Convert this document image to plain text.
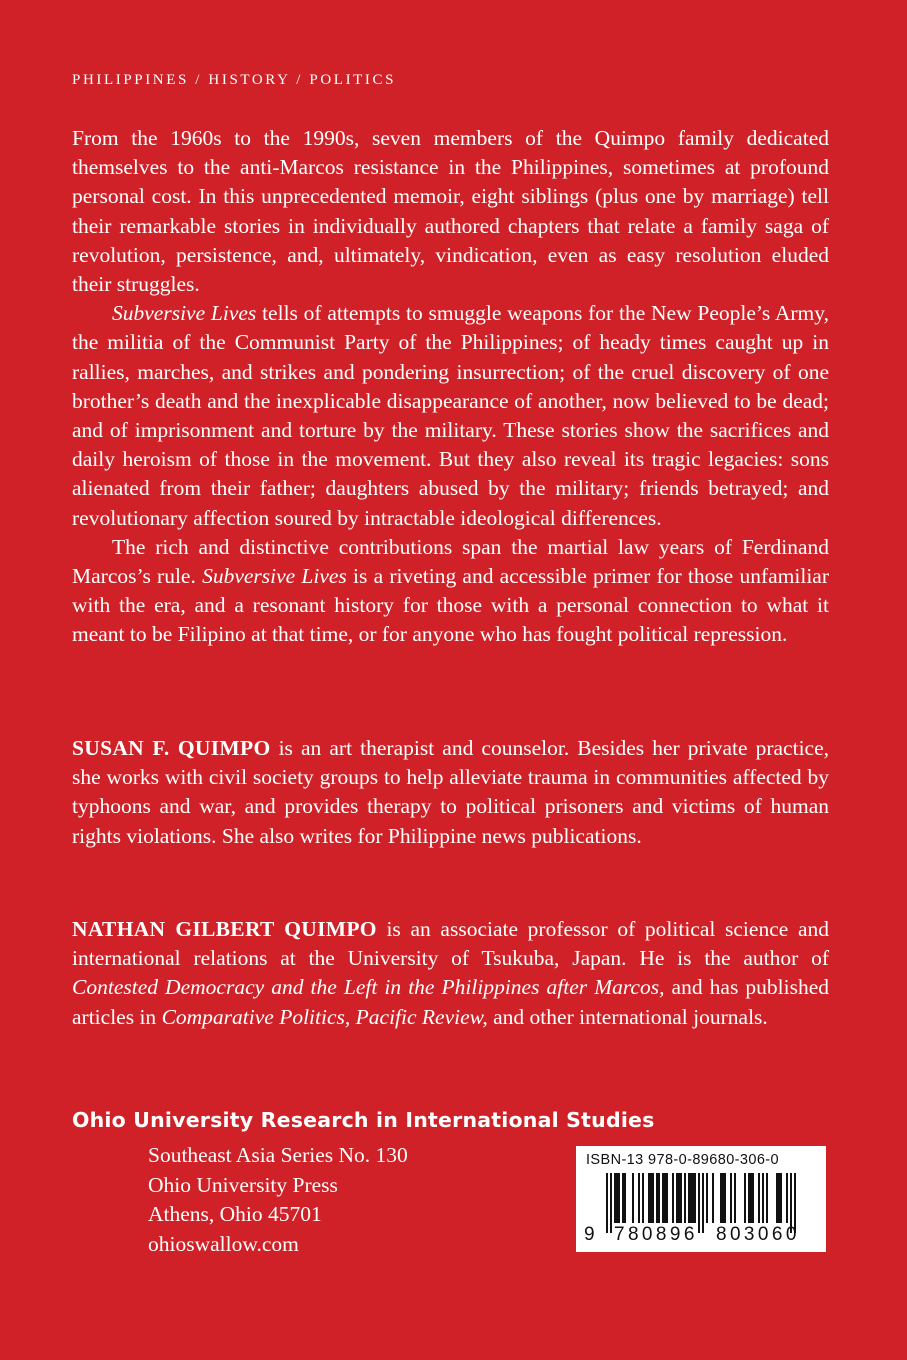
PHILIPPINES / HISTORY / POLITICS

From the 1960s to the 1990s, seven members of the Quimpo family dedicated themselves to the anti-Marcos resistance in the Philippines, sometimes at profound personal cost. In this unprecedented memoir, eight siblings (plus one by marriage) tell their remarkable stories in individually authored chapters that relate a family saga of revolution, persistence, and, ultimately, vindication, even as easy resolution eluded their struggles.

Subversive Lives tells of attempts to smuggle weapons for the New People’s Army, the militia of the Communist Party of the Philippines; of heady times caught up in rallies, marches, and strikes and pondering insurrection; of the cruel discovery of one brother’s death and the inexplicable disappearance of another, now believed to be dead; and of imprisonment and torture by the military. These stories show the sacrifices and daily heroism of those in the movement. But they also reveal its tragic legacies: sons alienated from their father; daughters abused by the military; friends betrayed; and revolutionary affection soured by intractable ideological differences.

The rich and distinctive contributions span the martial law years of Ferdinand Marcos’s rule. Subversive Lives is a riveting and accessible primer for those unfamiliar with the era, and a resonant history for those with a personal connection to what it meant to be Filipino at that time, or for anyone who has fought political repression.

SUSAN F. QUIMPO is an art therapist and counselor. Besides her private practice, she works with civil society groups to help alleviate trauma in communities affected by typhoons and war, and provides therapy to political prisoners and victims of human rights violations. She also writes for Philippine news publications.
NATHAN GILBERT QUIMPO is an associate professor of political science and international relations at the University of Tsukuba, Japan. He is the author of Contested Democracy and the Left in the Philippines after Marcos, and has published articles in Comparative Politics, Pacific Review, and other international journals.
Ohio University Research in International Studies
Southeast Asia Series No. 130
Ohio University Press
Athens, Ohio 45701
ohioswallow.com
ISBN-13 978-0-89680-306-0
9 780896 803060
